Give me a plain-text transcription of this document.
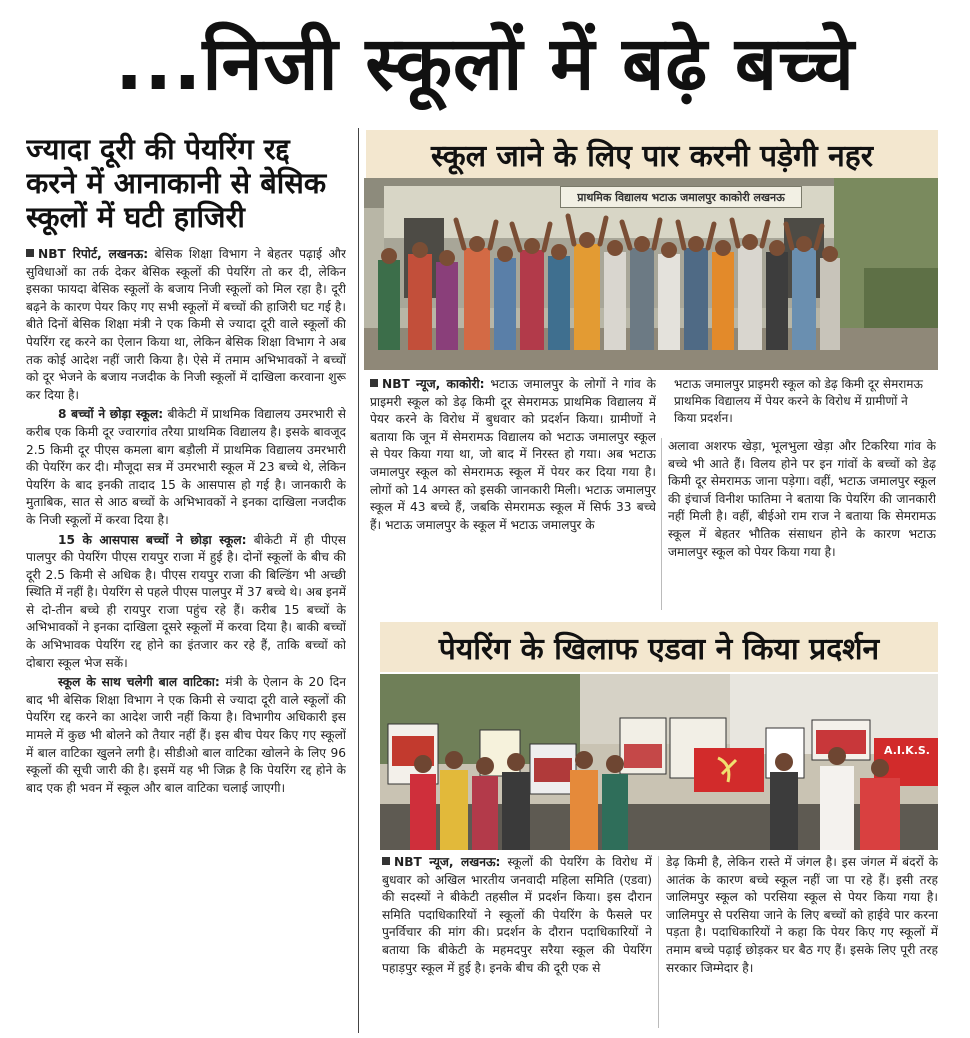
...निजी स्कूलों में बढ़े बच्चे
ज्यादा दूरी की पेयरिंग रद्द करने में आनाकानी से बेसिक स्कूलों में घटी हाजिरी

NBT रिपोर्ट, लखनऊ: बेसिक शिक्षा विभाग ने बेहतर पढ़ाई और सुविधाओं का तर्क देकर बेसिक स्कूलों की पेयरिंग तो कर दी, लेकिन इसका फायदा बेसिक स्कूलों के बजाय निजी स्कूलों को मिल रहा है। दूरी बढ़ने के कारण पेयर किए गए सभी स्कूलों में बच्चों की हाजिरी घट गई है। बीते दिनों बेसिक शिक्षा मंत्री ने एक किमी से ज्यादा दूरी वाले स्कूलों की पेयरिंग रद्द करने का ऐलान किया था, लेकिन बेसिक शिक्षा विभाग ने अब तक कोई आदेश नहीं जारी किया है। ऐसे में तमाम अभिभावकों ने बच्चों को दूर भेजने के बजाय नजदीक के निजी स्कूलों में दाखिला करवाना शुरू कर दिया है।

8 बच्चों ने छोड़ा स्कूल: बीकेटी में प्राथमिक विद्यालय उमरभारी से करीब एक किमी दूर ज्वारगांव तरैया प्राथमिक विद्यालय है। इसके बावजूद 2.5 किमी दूर पीएस कमला बाग बड़ौली में प्राथमिक विद्यालय उमरभारी की पेयरिंग कर दी। मौजूदा सत्र में उमरभारी स्कूल में 23 बच्चे थे, लेकिन पेयरिंग के बाद इनकी तादाद 15 के आसपास हो गई है। जानकारी के मुताबिक, सात से आठ बच्चों के अभिभावकों ने इनका दाखिला नजदीक के निजी स्कूलों में करवा दिया है।

15 के आसपास बच्चों ने छोड़ा स्कूल: बीकेटी में ही पीएस पालपुर की पेयरिंग पीएस रायपुर राजा में हुई है। दोनों स्कूलों के बीच की दूरी 2.5 किमी से अधिक है। पीएस रायपुर राजा की बिल्डिंग भी अच्छी स्थिति में नहीं है। पेयरिंग से पहले पीएस पालपुर में 37 बच्चे थे। अब इनमें से दो-तीन बच्चे ही रायपुर राजा पहुंच रहे हैं। करीब 15 बच्चों के अभिभावकों ने इनका दाखिला दूसरे स्कूलों में करवा दिया है। बाकी बच्चों के अभिभावक पेयरिंग रद्द होने का इंतजार कर रहे हैं, ताकि बच्चों को दोबारा स्कूल भेज सकें।

स्कूल के साथ चलेगी बाल वाटिका: मंत्री के ऐलान के 20 दिन बाद भी बेसिक शिक्षा विभाग ने एक किमी से ज्यादा दूरी वाले स्कूलों की पेयरिंग रद्द करने का आदेश जारी नहीं किया है। विभागीय अधिकारी इस मामले में कुछ भी बोलने को तैयार नहीं हैं। इस बीच पेयर किए गए स्कूलों में बाल वाटिका खुलने लगी है। सीडीओ बाल वाटिका खोलने के लिए 96 स्कूलों की सूची जारी की है। इसमें यह भी जिक्र है कि पेयरिंग रद्द होने के बाद एक ही भवन में स्कूल और बाल वाटिका चलाई जाएगी।

स्कूल जाने के लिए पार करनी पड़ेगी नहर
प्राथमिक विद्यालय भटाऊ जमालपुर काकोरी लखनऊ
भटाऊ जमालपुर प्राइमरी स्कूल को डेढ़ किमी दूर सेमरामऊ प्राथमिक विद्यालय में पेयर करने के विरोध में ग्रामीणों ने किया प्रदर्शन।

NBT न्यूज, काकोरी: भटाऊ जमालपुर के लोगों ने गांव के प्राइमरी स्कूल को डेढ़ किमी दूर सेमरामऊ प्राथमिक विद्यालय में पेयर करने के विरोध में बुधवार को प्रदर्शन किया। ग्रामीणों ने बताया कि जून में सेमरामऊ विद्यालय को भटाऊ जमालपुर स्कूल से पेयर किया गया था, जो बाद में निरस्त हो गया। अब भटाऊ जमालपुर स्कूल को सेमरामऊ स्कूल में पेयर कर दिया गया है। लोगों को 14 अगस्त को इसकी जानकारी मिली। भटाऊ जमालपुर स्कूल में 43 बच्चे हैं, जबकि सेमरामऊ स्कूल में सिर्फ 33 बच्चे हैं। भटाऊ जमालपुर के स्कूल में भटाऊ जमालपुर के

अलावा अशरफ खेड़ा, भूलभुला खेड़ा और टिकरिया गांव के बच्चे भी आते हैं। विलय होने पर इन गांवों के बच्चों को डेढ़ किमी दूर सेमरामऊ जाना पड़ेगा। वहीं, भटाऊ जमालपुर स्कूल की इंचार्ज विनीश फातिमा ने बताया कि पेयरिंग की जानकारी नहीं मिली है। वहीं, बीईओ राम राज ने बताया कि सेमरामऊ स्कूल में बेहतर भौतिक संसाधन होने के कारण भटाऊ जमालपुर स्कूल को पेयर किया गया है।

पेयरिंग के खिलाफ एडवा ने किया प्रदर्शन
A.I.K.S.

NBT न्यूज, लखनऊ: स्कूलों की पेयरिंग के विरोध में बुधवार को अखिल भारतीय जनवादी महिला समिति (एडवा) की सदस्यों ने बीकेटी तहसील में प्रदर्शन किया। इस दौरान समिति पदाधिकारियों ने स्कूलों की पेयरिंग के फैसले पर पुनर्विचार की मांग की। प्रदर्शन के दौरान पदाधिकारियों ने बताया कि बीकेटी के महमदपुर सरैया स्कूल की पेयरिंग पहाड़पुर स्कूल में हुई है। इनके बीच की दूरी एक से

डेढ़ किमी है, लेकिन रास्ते में जंगल है। इस जंगल में बंदरों के आतंक के कारण बच्चे स्कूल नहीं जा पा रहे हैं। इसी तरह जालिमपुर स्कूल को परसिया स्कूल से पेयर किया गया है। जालिमपुर से परसिया जाने के लिए बच्चों को हाईवे पार करना पड़ता है। पदाधिकारियों ने कहा कि पेयर किए गए स्कूलों में तमाम बच्चे पढ़ाई छोड़कर घर बैठ गए हैं। इसके लिए पूरी तरह सरकार जिम्मेदार है।
